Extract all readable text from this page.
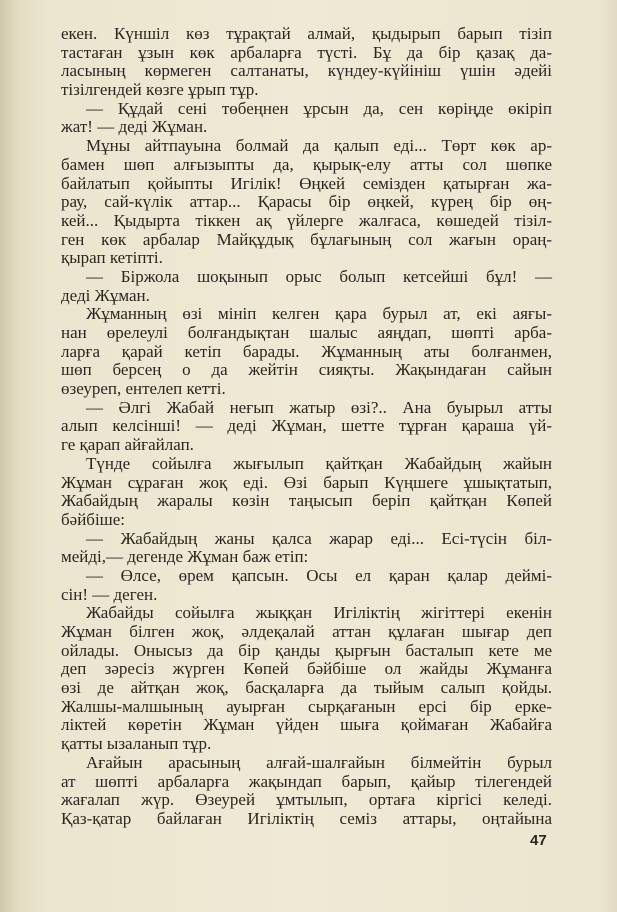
екен. Күншіл көз тұрақтай алмай, қыдырып барып тізіп
тастаған ұзын көк арбаларға түсті. Бұ да бір қазақ да-
ласының көрмеген салтанаты, күндеу-күйініш үшін әдейі
тізілгендей көзге ұрып тұр.
— Құдай сені төбеңнен ұрсын да, сен көріңде өкіріп
жат! — деді Жұман.
Мұны айтпауына болмай да қалып еді... Төрт көк ар-
бамен шөп алғызыпты да, қырық-елу атты сол шөпке
байлатып қойыпты Игілік! Өңкей семізден қатырған жа-
рау, сай-күлік аттар... Қарасы бір өңкей, күрең бір өң-
кей... Қыдырта тіккен ақ үйлерге жалғаса, көшедей тізіл-
ген көк арбалар Майқұдық бұлағының сол жағын ораң-
қырап кетіпті.
— Біржола шоқынып орыс болып кетсейші бұл! —
деді Жұман.
Жұманның өзі мініп келген қара бурыл ат, екі аяғы-
нан өрелеулі болғандықтан шалыс аяңдап, шөпті арба-
ларға қарай кетіп барады. Жұманның аты болғанмен,
шөп берсең о да жейтін сияқты. Жақындаған сайын
өзеуреп, ентелеп кетті.
— Әлгі Жабай неғып жатыр өзі?.. Ана буырыл атты
алып келсінші! — деді Жұман, шетте тұрған қараша үй-
ге қарап айғайлап.
Түнде сойылға жығылып қайтқан Жабайдың жайын
Жұман сұраған жоқ еді. Өзі барып Күңшеге ұшықтатып,
Жабайдың жаралы көзін таңысып беріп қайтқан Көпей
бәйбіше:
— Жабайдың жаны қалса жарар еді... Есі-түсін біл-
мейді,— дегенде Жұман баж етіп:
— Өлсе, өрем қапсын. Осы ел қаран қалар деймі-
сін! — деген.
Жабайды сойылға жыққан Игіліктің жігіттері екенін
Жұман білген жоқ, әлдеқалай аттан құлаған шығар деп
ойлады. Онысыз да бір қанды қырғын басталып кете ме
деп зәресіз жүрген Көпей бәйбіше ол жайды Жұманға
өзі де айтқан жоқ, басқаларға да тыйым салып қойды.
Жалшы-малшының ауырған сырқағанын ерсі бір ерке-
ліктей көретін Жұман үйден шыға қоймаған Жабайға
қатты ызаланып тұр.
Ағайын арасының алғай-шалғайын білмейтін бурыл
ат шөпті арбаларға жақындап барып, қайыр тілегендей
жағалап жүр. Өзеурей ұмтылып, ортаға кіргісі келеді.
Қаз-қатар байлаған Игіліктің семіз аттары, оңтайына
47
